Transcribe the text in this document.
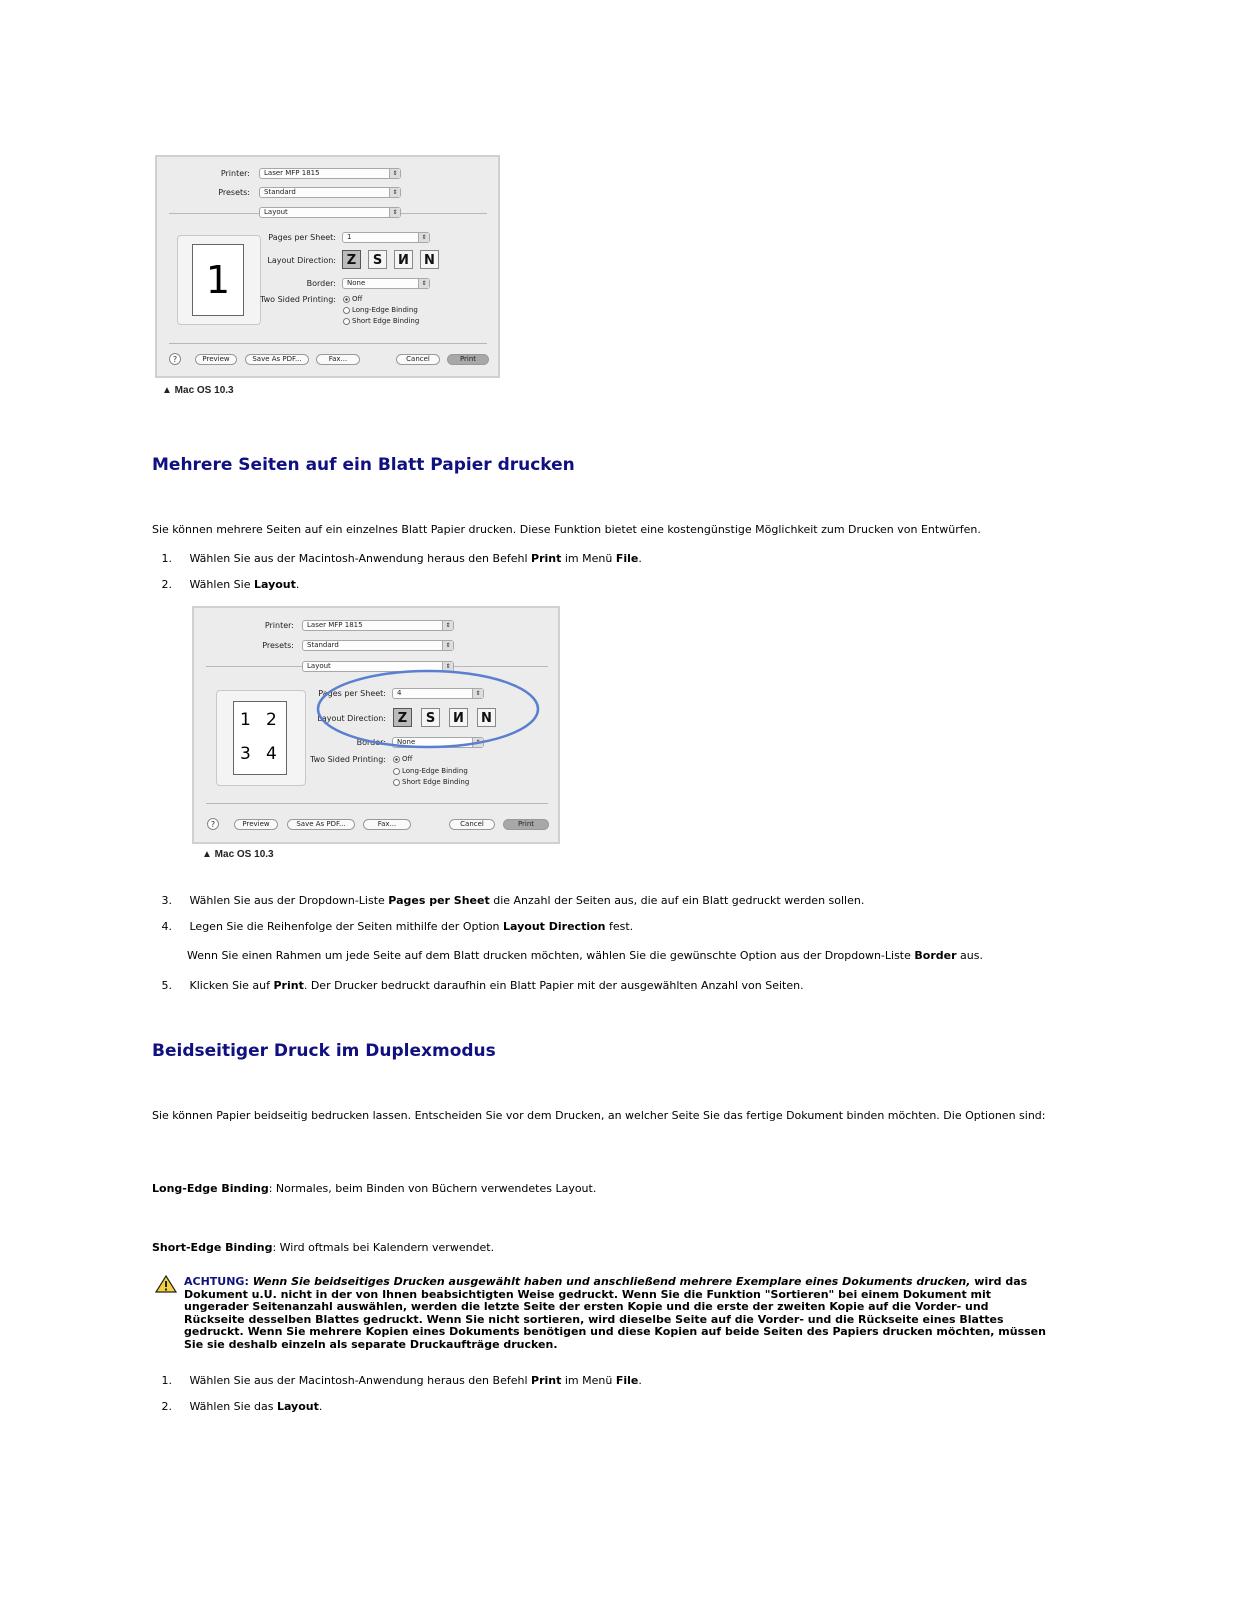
Printer:	Laser MFP 1815	⇕
Presets:	Standard	⇕
Layout	⇕
1
Pages per Sheet:	1	⇕
Layout Direction: Z	S	И	N
Border:	None	⇕
Two Sided Printing:	Off
Long-Edge Binding
Short Edge Binding
?	Preview	Save As PDF...	Fax...	Cancel	Print
▲ Mac OS 10.3
Mehrere Seiten auf ein Blatt Papier drucken
Sie können mehrere Seiten auf ein einzelnes Blatt Papier drucken. Diese Funktion bietet eine kostengünstige Möglichkeit zum Drucken von Entwürfen.
1. Wählen Sie aus der Macintosh-Anwendung heraus den Befehl Print im Menü File.
2. Wählen Sie Layout.
Printer:	Laser MFP 1815	⇕
Presets:	Standard	⇕
Layout	⇕
1 2
3 4
Pages per Sheet:	4	⇕
Layout Direction: Z	S	И	N
Border:	None	⇕
Two Sided Printing:	Off
Long-Edge Binding
Short Edge Binding
?	Preview	Save As PDF...	Fax...	Cancel	Print
▲ Mac OS 10.3
3. Wählen Sie aus der Dropdown-Liste Pages per Sheet die Anzahl der Seiten aus, die auf ein Blatt gedruckt werden sollen.
4. Legen Sie die Reihenfolge der Seiten mithilfe der Option Layout Direction fest.
Wenn Sie einen Rahmen um jede Seite auf dem Blatt drucken möchten, wählen Sie die gewünschte Option aus der Dropdown-Liste Border aus.
5. Klicken Sie auf Print. Der Drucker bedruckt daraufhin ein Blatt Papier mit der ausgewählten Anzahl von Seiten.
Beidseitiger Druck im Duplexmodus
Sie können Papier beidseitig bedrucken lassen. Entscheiden Sie vor dem Drucken, an welcher Seite Sie das fertige Dokument binden möchten. Die Optionen sind:
Long-Edge Binding: Normales, beim Binden von Büchern verwendetes Layout.
Short-Edge Binding: Wird oftmals bei Kalendern verwendet.
ACHTUNG: Wenn Sie beidseitiges Drucken ausgewählt haben und anschließend mehrere Exemplare eines Dokuments drucken, wird das Dokument u.U. nicht in der von Ihnen beabsichtigten Weise gedruckt. Wenn Sie die Funktion "Sortieren" bei einem Dokument mit ungerader Seitenanzahl auswählen, werden die letzte Seite der ersten Kopie und die erste der zweiten Kopie auf die Vorder- und Rückseite desselben Blattes gedruckt. Wenn Sie nicht sortieren, wird dieselbe Seite auf die Vorder- und die Rückseite eines Blattes gedruckt. Wenn Sie mehrere Kopien eines Dokuments benötigen und diese Kopien auf beide Seiten des Papiers drucken möchten, müssen Sie sie deshalb einzeln als separate Druckaufträge drucken.
1. Wählen Sie aus der Macintosh-Anwendung heraus den Befehl Print im Menü File.
2. Wählen Sie das Layout.
